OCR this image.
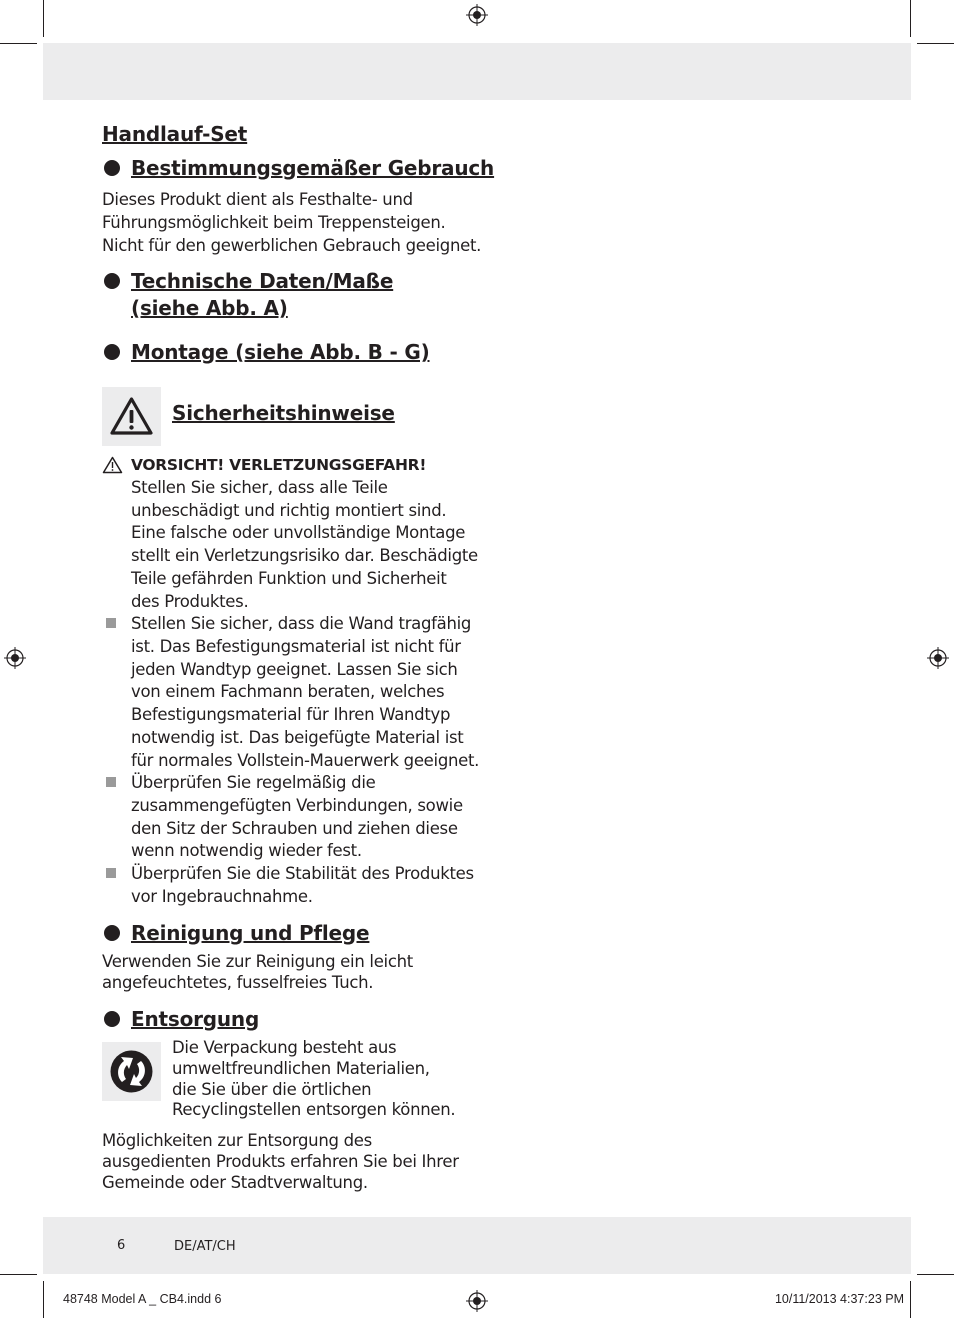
6	DE/AT/CH
Handlauf-Set
Bestimmungsgemäßer Gebrauch
Dieses Produkt dient als Festhalte- und
Führungsmöglichkeit beim Treppensteigen.
Nicht für den gewerblichen Gebrauch geeignet.
Technische Daten/Maße
(siehe Abb. A)
Montage (siehe Abb. B - G)
Sicherheitshinweise
VORSICHT! VERLETZUNGSGEFAHR!
Stellen Sie sicher, dass alle Teile
unbeschädigt und richtig montiert sind.
Eine falsche oder unvollständige Montage
stellt ein Verletzungsrisiko dar. Beschädigte
Teile gefährden Funktion und Sicherheit
des Produktes.
Stellen Sie sicher, dass die Wand tragfähig
ist. Das Befestigungsmaterial ist nicht für
jeden Wandtyp geeignet. Lassen Sie sich
von einem Fachmann beraten, welches
Befestigungsmaterial für Ihren Wandtyp
notwendig ist. Das beigefügte Material ist
für normales Vollstein-Mauerwerk geeignet.
Überprüfen Sie regelmäßig die
zusammengefügten Verbindungen, sowie
den Sitz der Schrauben und ziehen diese
wenn notwendig wieder fest.
Überprüfen Sie die Stabilität des Produktes
vor Ingebrauchnahme.
Reinigung und Pflege
Verwenden Sie zur Reinigung ein leicht
angefeuchtetes, fusselfreies Tuch.
Entsorgung
Die Verpackung besteht aus
umweltfreundlichen Materialien,
die Sie über die örtlichen
Recyclingstellen entsorgen können.
Möglichkeiten zur Entsorgung des
ausgedienten Produkts erfahren Sie bei Ihrer
Gemeinde oder Stadtverwaltung.
48748 Model A _ CB4.indd 6	10/11/2013 4:37:23 PM
